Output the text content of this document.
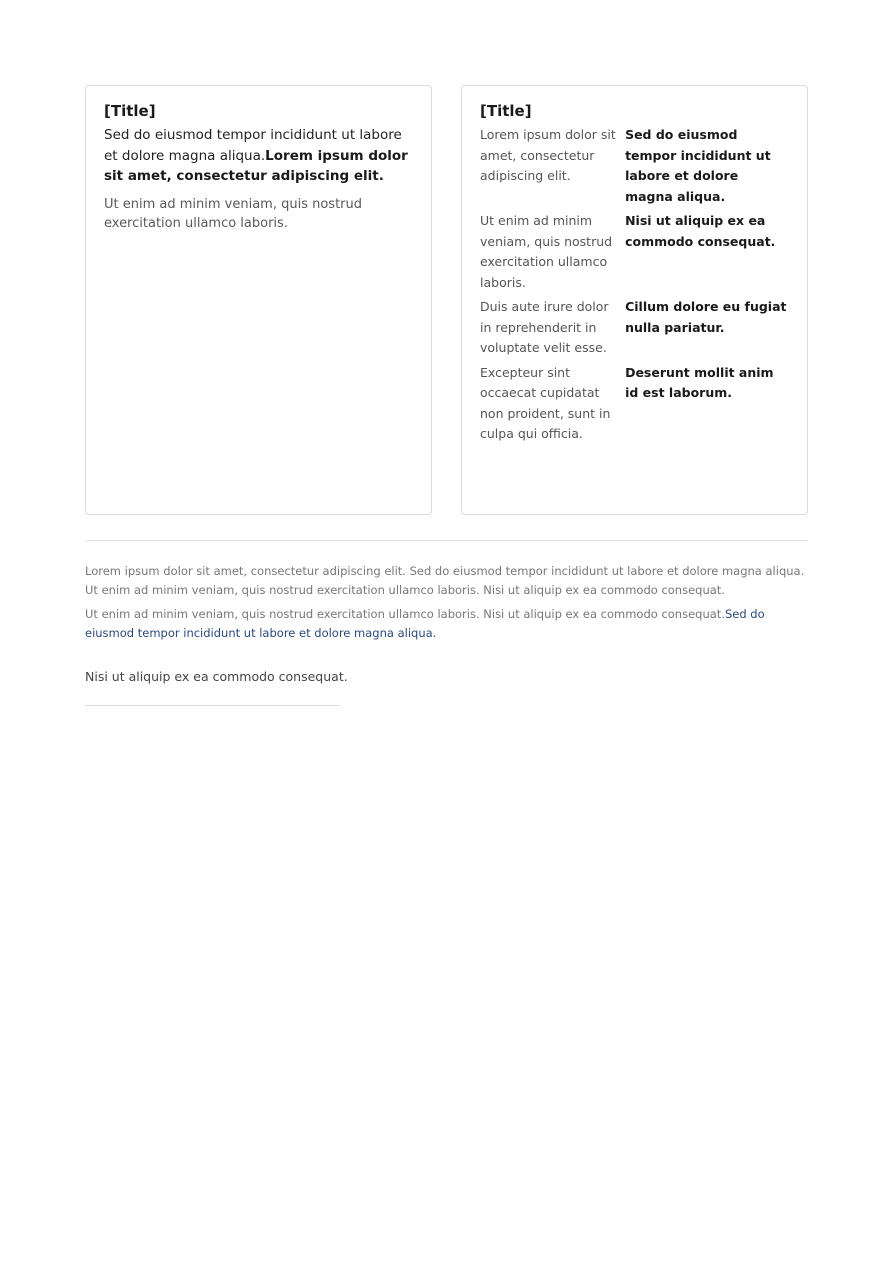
[Title]

Sed do eiusmod tempor incididunt ut labore et dolore magna aliqua.Lorem ipsum dolor sit amet, consectetur adipiscing elit.

Ut enim ad minim veniam, quis nostrud exercitation ullamco laboris.

[Title]
Lorem ipsum dolor sit amet, consectetur adipiscing elit.
Sed do eiusmod tempor incididunt ut labore et dolore magna aliqua.
Ut enim ad minim veniam, quis nostrud exercitation ullamco laboris.
Nisi ut aliquip ex ea commodo consequat.
Duis aute irure dolor in reprehenderit in voluptate velit esse.
Cillum dolore eu fugiat nulla pariatur.
Excepteur sint occaecat cupidatat non proident, sunt in culpa qui officia.
Deserunt mollit anim id est laborum.

Lorem ipsum dolor sit amet, consectetur adipiscing elit. Sed do eiusmod tempor incididunt ut labore et dolore magna aliqua. Ut enim ad minim veniam, quis nostrud exercitation ullamco laboris. Nisi ut aliquip ex ea commodo consequat.

Ut enim ad minim veniam, quis nostrud exercitation ullamco laboris. Nisi ut aliquip ex ea commodo consequat.Sed do eiusmod tempor incididunt ut labore et dolore magna aliqua.

Nisi ut aliquip ex ea commodo consequat.
